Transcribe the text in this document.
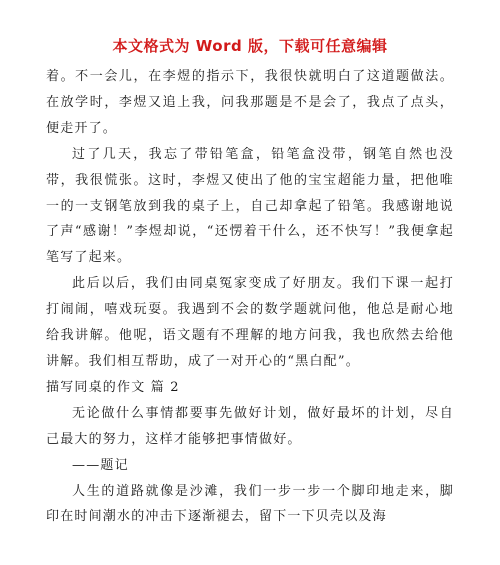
本文格式为 Word 版，下载可任意编辑

着。不一会儿，在李煜的指示下，我很快就明白了这道题做法。在放学时，李煜又追上我，问我那题是不是会了，我点了点头，便走开了。

过了几天，我忘了带铅笔盒，铅笔盒没带，钢笔自然也没带，我很慌张。这时，李煜又使出了他的宝宝超能力量，把他唯一的一支钢笔放到我的桌子上，自己却拿起了铅笔。我感谢地说了声“感谢！”李煜却说，“还愣着干什么，还不快写！”我便拿起笔写了起来。

此后以后，我们由同桌冤家变成了好朋友。我们下课一起打打闹闹，嘻戏玩耍。我遇到不会的数学题就问他，他总是耐心地给我讲解。他呢，语文题有不理解的地方问我，我也欣然去给他讲解。我们相互帮助，成了一对开心的“黑白配”。

描写同桌的作文 篇 2

无论做什么事情都要事先做好计划，做好最坏的计划，尽自己最大的努力，这样才能够把事情做好。

——题记

人生的道路就像是沙滩，我们一步一步一个脚印地走来，脚印在时间潮水的冲击下逐渐褪去，留下一下贝壳以及海
